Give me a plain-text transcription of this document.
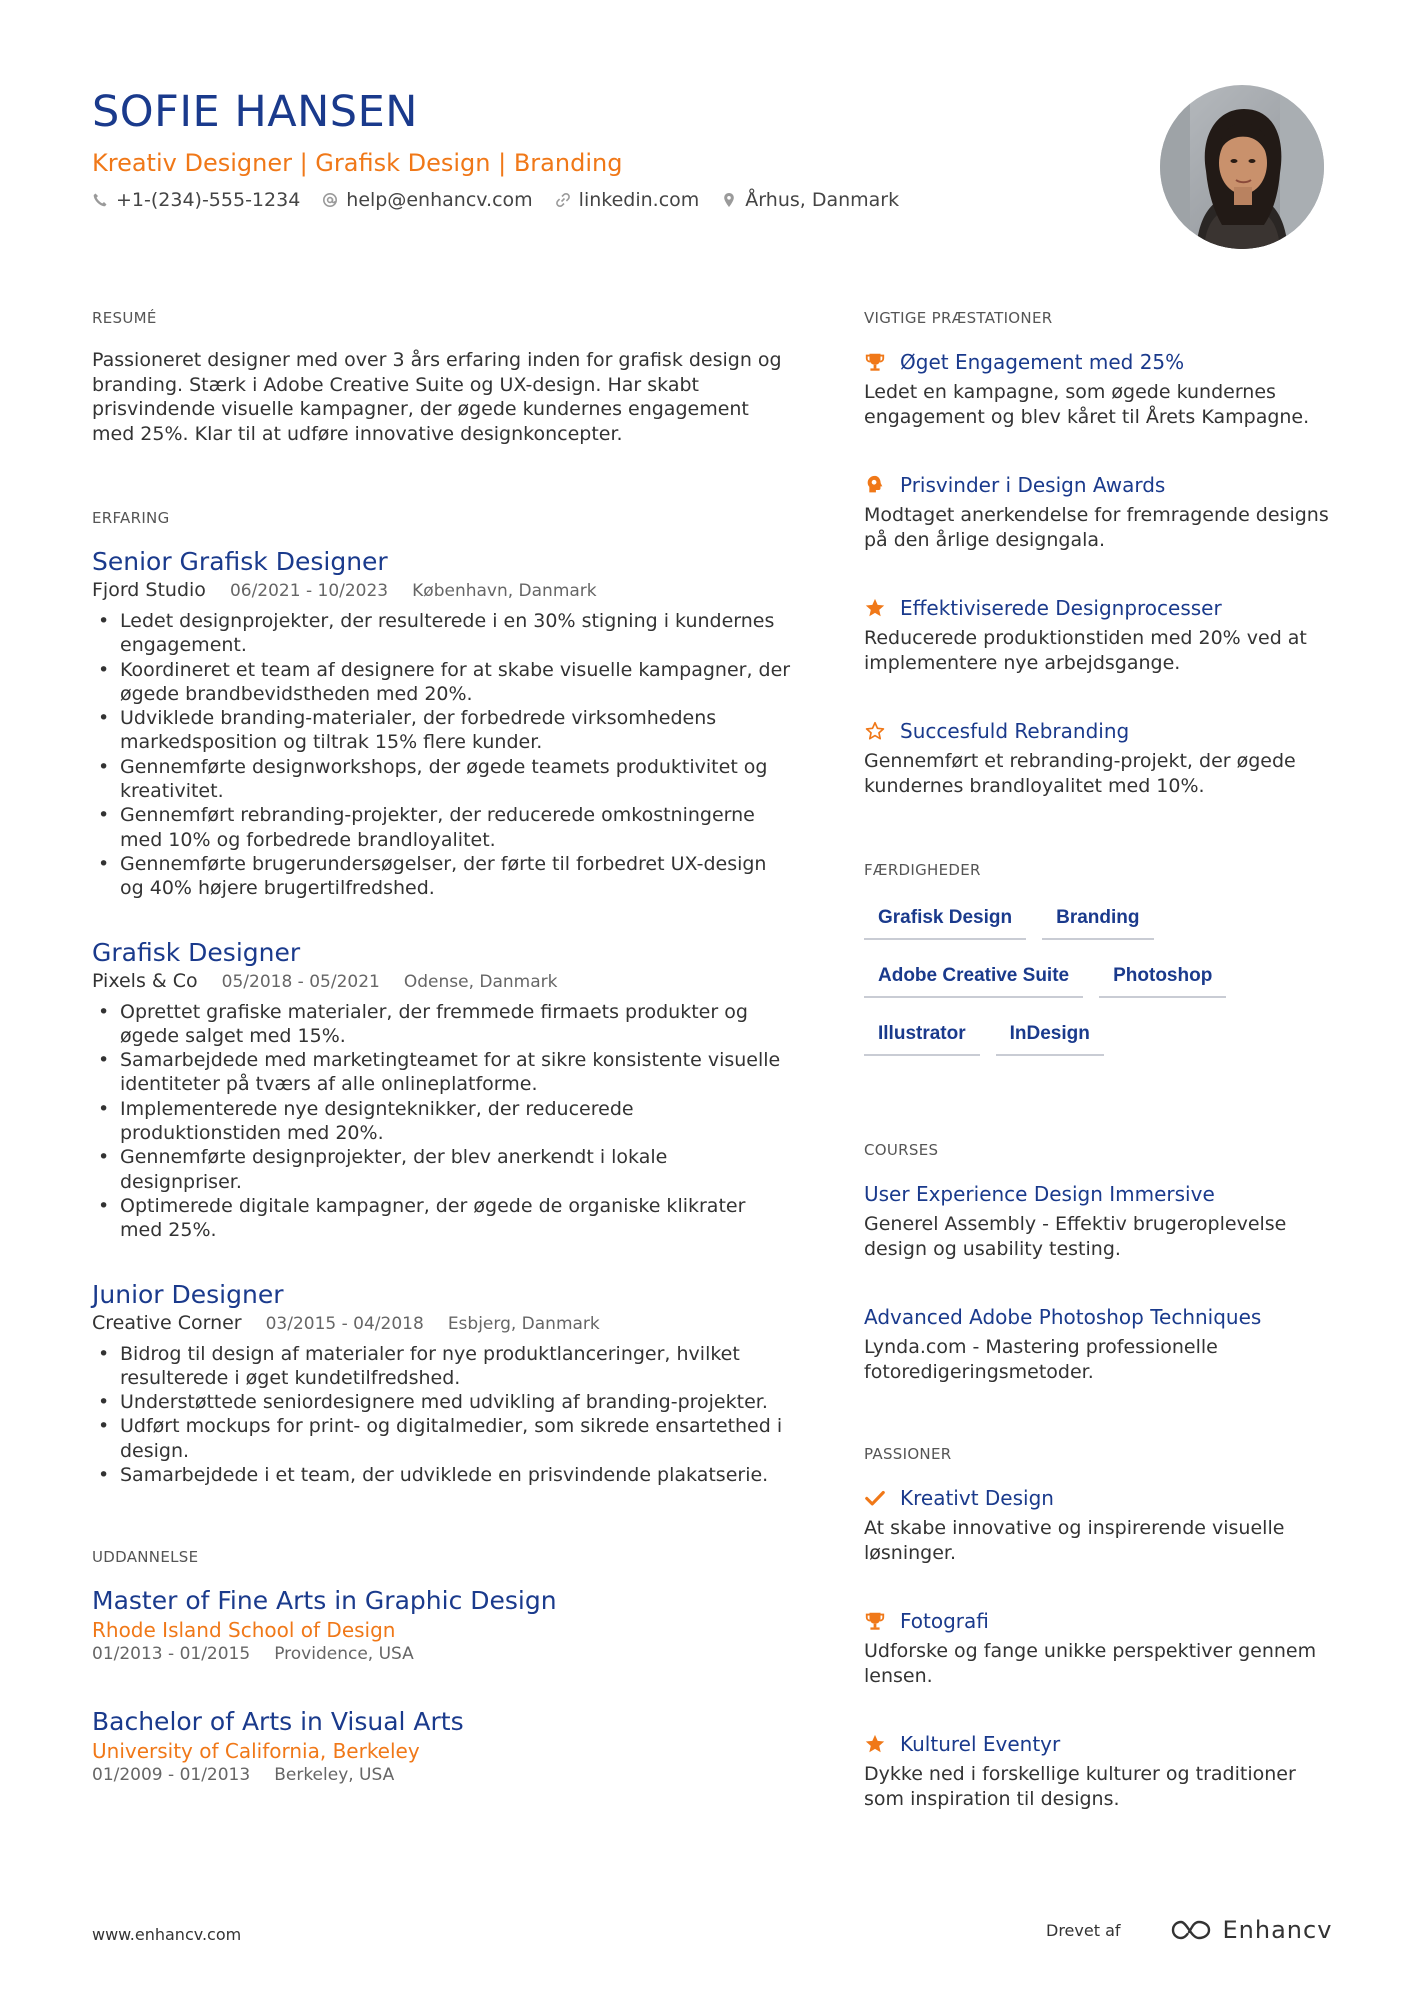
SOFIE HANSEN
Kreativ Designer | Grafisk Design | Branding
+1-(234)-555-1234 help@enhancv.com linkedin.com Århus, Danmark
RESUMÉ
Passioneret designer med over 3 års erfaring inden for grafisk design og branding. Stærk i Adobe Creative Suite og UX-design. Har skabt prisvindende visuelle kampagner, der øgede kundernes engagement med 25%. Klar til at udføre innovative designkoncepter.
ERFARING
Senior Grafisk Designer
Fjord Studio 06/2021 - 10/2023 København, Danmark
• Ledet designprojekter, der resulterede i en 30% stigning i kundernes engagement.
• Koordineret et team af designere for at skabe visuelle kampagner, der øgede brandbevidstheden med 20%.
• Udviklede branding-materialer, der forbedrede virksomhedens markedsposition og tiltrak 15% flere kunder.
• Gennemførte designworkshops, der øgede teamets produktivitet og kreativitet.
• Gennemført rebranding-projekter, der reducerede omkostningerne med 10% og forbedrede brandloyalitet.
• Gennemførte brugerundersøgelser, der førte til forbedret UX-design og 40% højere brugertilfredshed.
Grafisk Designer
Pixels & Co 05/2018 - 05/2021 Odense, Danmark
• Oprettet grafiske materialer, der fremmede firmaets produkter og øgede salget med 15%.
• Samarbejdede med marketingteamet for at sikre konsistente visuelle identiteter på tværs af alle onlineplatforme.
• Implementerede nye designteknikker, der reducerede produktionstiden med 20%.
• Gennemførte designprojekter, der blev anerkendt i lokale designpriser.
• Optimerede digitale kampagner, der øgede de organiske klikrater med 25%.
Junior Designer
Creative Corner 03/2015 - 04/2018 Esbjerg, Danmark
• Bidrog til design af materialer for nye produktlanceringer, hvilket resulterede i øget kundetilfredshed.
• Understøttede seniordesignere med udvikling af branding-projekter.
• Udført mockups for print- og digitalmedier, som sikrede ensartethed i design.
• Samarbejdede i et team, der udviklede en prisvindende plakatserie.
UDDANNELSE
Master of Fine Arts in Graphic Design
Rhode Island School of Design
01/2013 - 01/2015 Providence, USA
Bachelor of Arts in Visual Arts
University of California, Berkeley
01/2009 - 01/2013 Berkeley, USA
VIGTIGE PRÆSTATIONER
Øget Engagement med 25%
Ledet en kampagne, som øgede kundernes engagement og blev kåret til Årets Kampagne.
Prisvinder i Design Awards
Modtaget anerkendelse for fremragende designs på den årlige designgala.
Effektiviserede Designprocesser
Reducerede produktionstiden med 20% ved at implementere nye arbejdsgange.
Succesfuld Rebranding
Gennemført et rebranding-projekt, der øgede kundernes brandloyalitet med 10%.
FÆRDIGHEDER
Grafisk Design	Branding
Adobe Creative Suite	Photoshop
Illustrator	InDesign
COURSES
User Experience Design Immersive
Generel Assembly - Effektiv brugeroplevelse design og usability testing.
Advanced Adobe Photoshop Techniques
Lynda.com - Mastering professionelle fotoredigeringsmetoder.
PASSIONER
Kreativt Design
At skabe innovative og inspirerende visuelle løsninger.
Fotografi
Udforske og fange unikke perspektiver gennem lensen.
Kulturel Eventyr
Dykke ned i forskellige kulturer og traditioner som inspiration til designs.
www.enhancv.com	Drevet af	Enhancv
